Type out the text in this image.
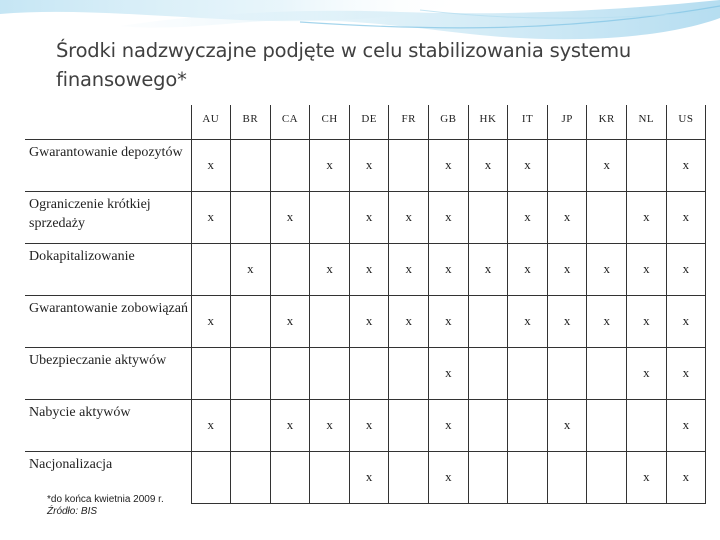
Środki nadzwyczajne podjęte w celu stabilizowania systemu finansowego*
	AU	BR	CA	CH	DE	FR	GB	HK	IT	JP	KR	NL	US
Gwarantowanie depozytów	x			x	x		x	x	x		x		x
Ograniczenie krótkiej sprzedaży	x		x		x	x	x		x	x		x	x
Dokapitalizowanie		x		x	x	x	x	x	x	x	x	x	x
Gwarantowanie zobowiązań	x		x		x	x	x		x	x	x	x	x
Ubezpieczanie aktywów							x					x	x
Nabycie aktywów	x		x	x	x		x			x			x
Nacjonalizacja					x		x					x	x
*do końca kwietnia 2009 r.
Źródło: BIS
